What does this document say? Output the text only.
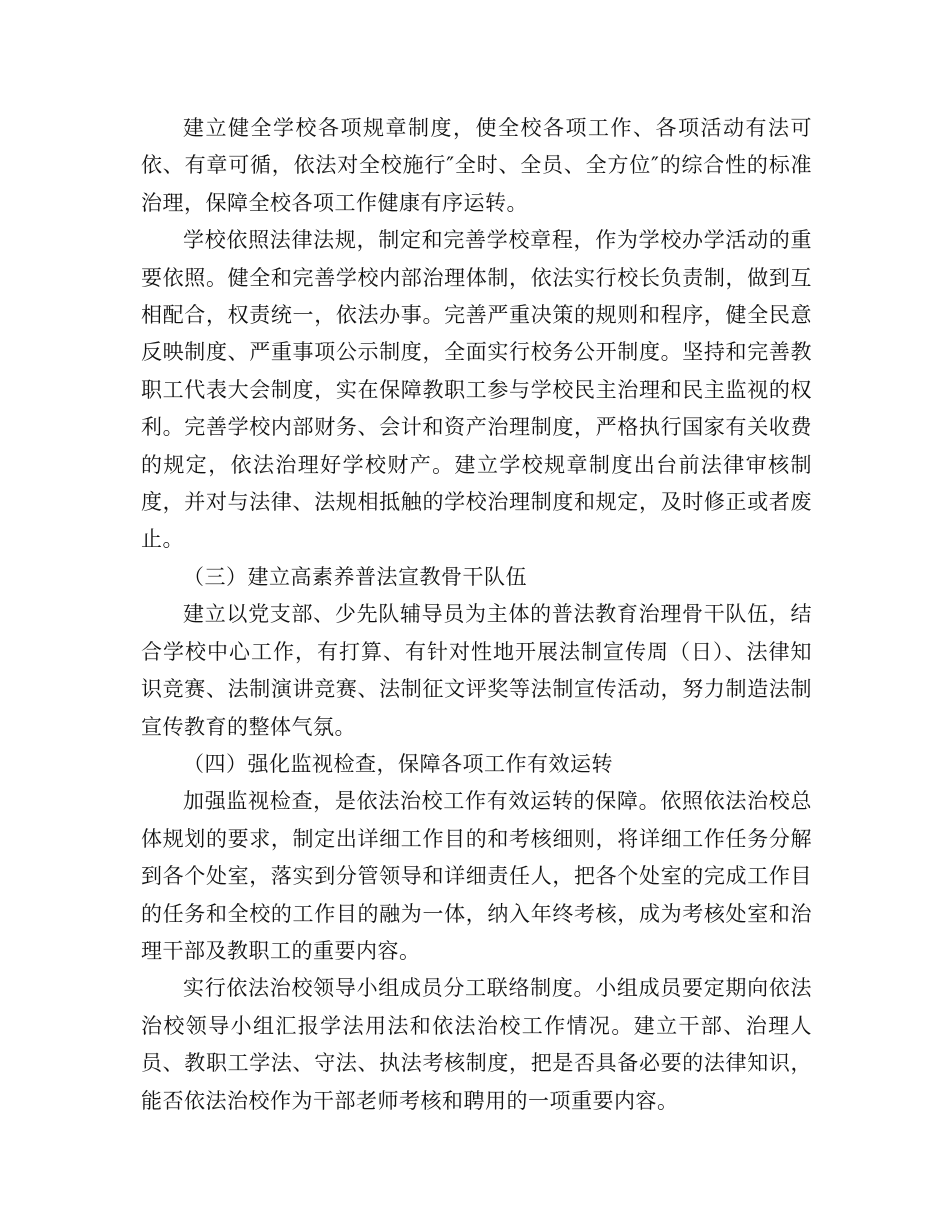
建立健全学校各项规章制度，使全校各项工作、各项活动有法可依、有章可循，依法对全校施行″全时、全员、全方位″的综合性的标准治理，保障全校各项工作健康有序运转。

学校依照法律法规，制定和完善学校章程，作为学校办学活动的重要依照。健全和完善学校内部治理体制，依法实行校长负责制，做到互相配合，权责统一，依法办事。完善严重决策的规则和程序，健全民意反映制度、严重事项公示制度，全面实行校务公开制度。坚持和完善教职工代表大会制度，实在保障教职工参与学校民主治理和民主监视的权利。完善学校内部财务、会计和资产治理制度，严格执行国家有关收费的规定，依法治理好学校财产。建立学校规章制度出台前法律审核制度，并对与法律、法规相抵触的学校治理制度和规定，及时修正或者废止。

（三）建立高素养普法宣教骨干队伍

建立以党支部、少先队辅导员为主体的普法教育治理骨干队伍，结合学校中心工作，有打算、有针对性地开展法制宣传周（日）、法律知识竞赛、法制演讲竞赛、法制征文评奖等法制宣传活动，努力制造法制宣传教育的整体气氛。

（四）强化监视检查，保障各项工作有效运转

加强监视检查，是依法治校工作有效运转的保障。依照依法治校总体规划的要求，制定出详细工作目的和考核细则，将详细工作任务分解到各个处室，落实到分管领导和详细责任人，把各个处室的完成工作目的任务和全校的工作目的融为一体，纳入年终考核，成为考核处室和治理干部及教职工的重要内容。

实行依法治校领导小组成员分工联络制度。小组成员要定期向依法治校领导小组汇报学法用法和依法治校工作情况。建立干部、治理人员、教职工学法、守法、执法考核制度，把是否具备必要的法律知识，能否依法治校作为干部老师考核和聘用的一项重要内容。
